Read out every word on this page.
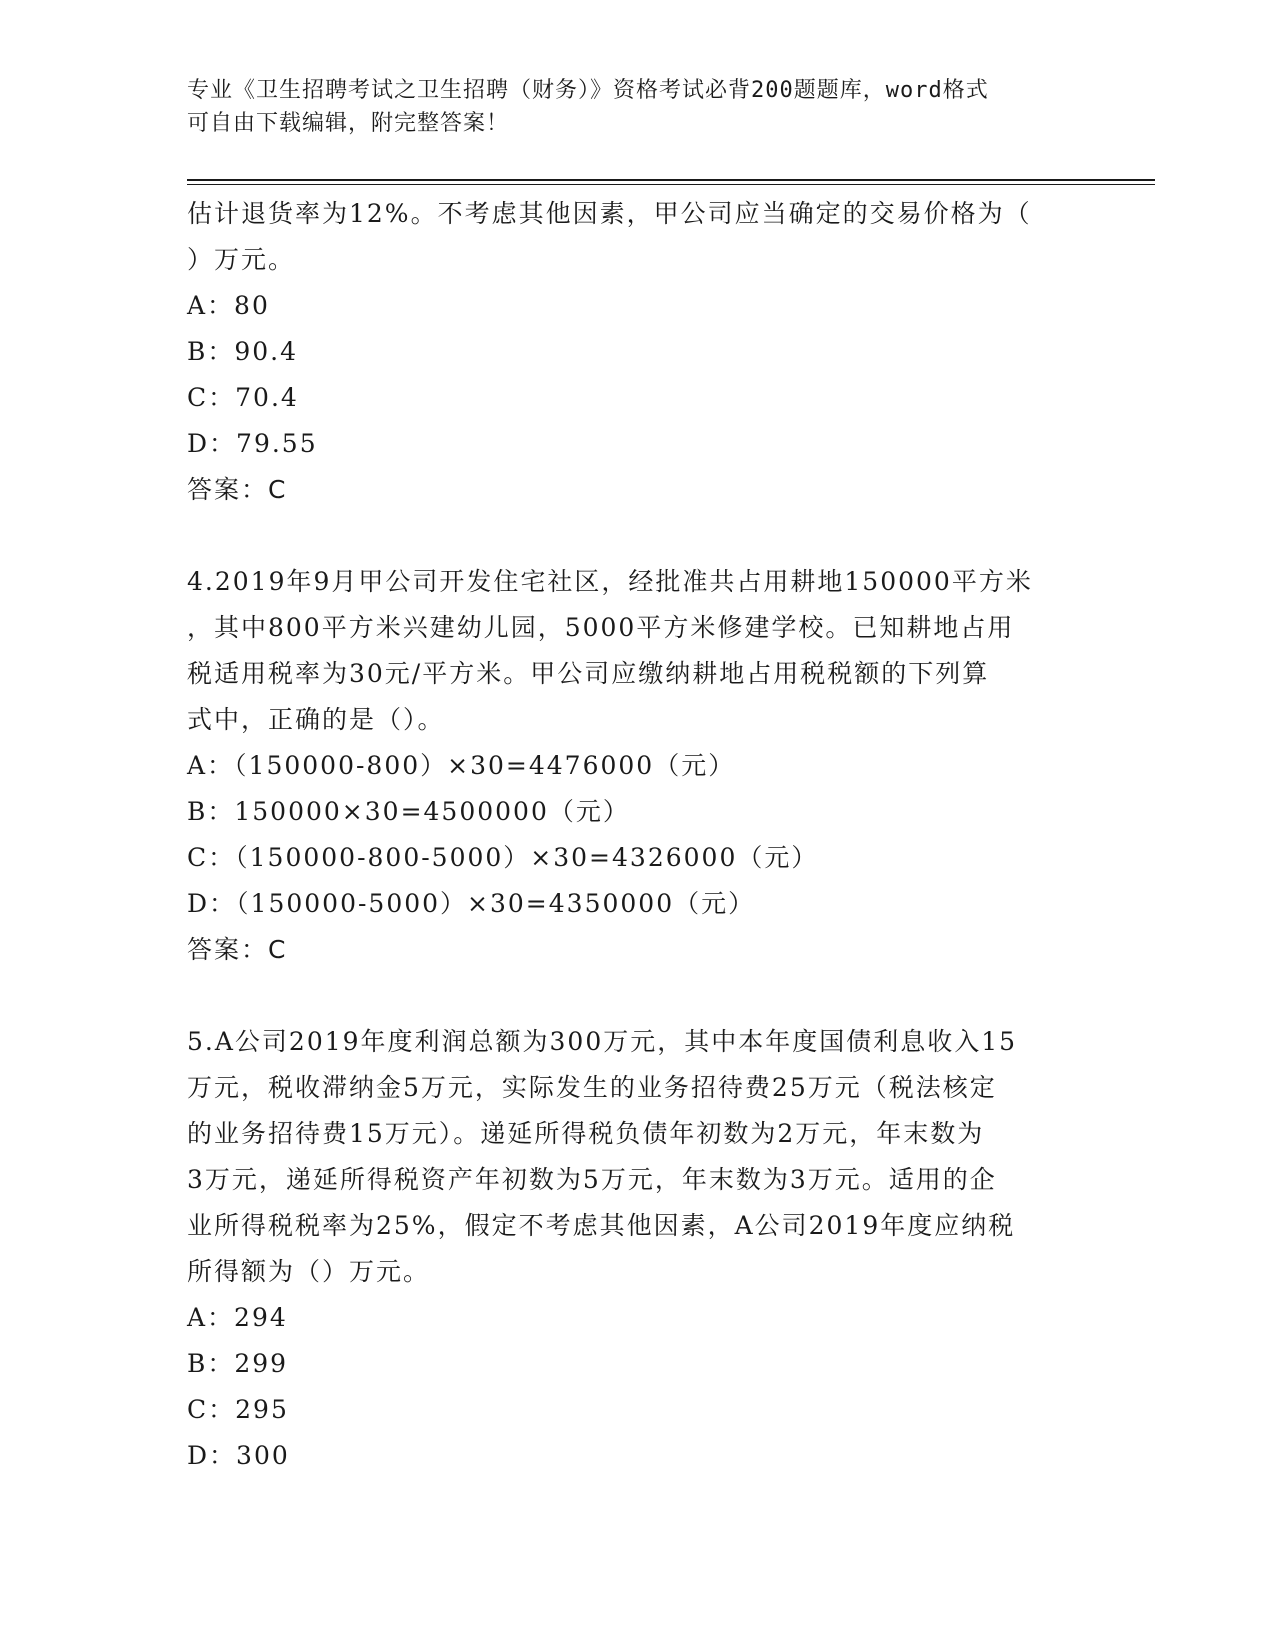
专业《卫生招聘考试之卫生招聘（财务）》资格考试必背200题题库，word格式
可自由下载编辑，附完整答案！
估计退货率为12%。不考虑其他因素，甲公司应当确定的交易价格为（
）万元。
A：80
B：90.4
C：70.4
D：79.55
答案：C
4.2019年9月甲公司开发住宅社区，经批准共占用耕地150000平方米
，其中800平方米兴建幼儿园，5000平方米修建学校。已知耕地占用
税适用税率为30元/平方米。甲公司应缴纳耕地占用税税额的下列算
式中，正确的是（）。
A：（150000-800）×30=4476000（元）
B：150000×30=4500000（元）
C：（150000-800-5000）×30=4326000（元）
D：（150000-5000）×30=4350000（元）
答案：C
5.A公司2019年度利润总额为300万元，其中本年度国债利息收入15
万元，税收滞纳金5万元，实际发生的业务招待费25万元（税法核定
的业务招待费15万元）。递延所得税负债年初数为2万元，年末数为
3万元，递延所得税资产年初数为5万元，年末数为3万元。适用的企
业所得税税率为25%，假定不考虑其他因素，A公司2019年度应纳税
所得额为（）万元。
A：294
B：299
C：295
D：300
